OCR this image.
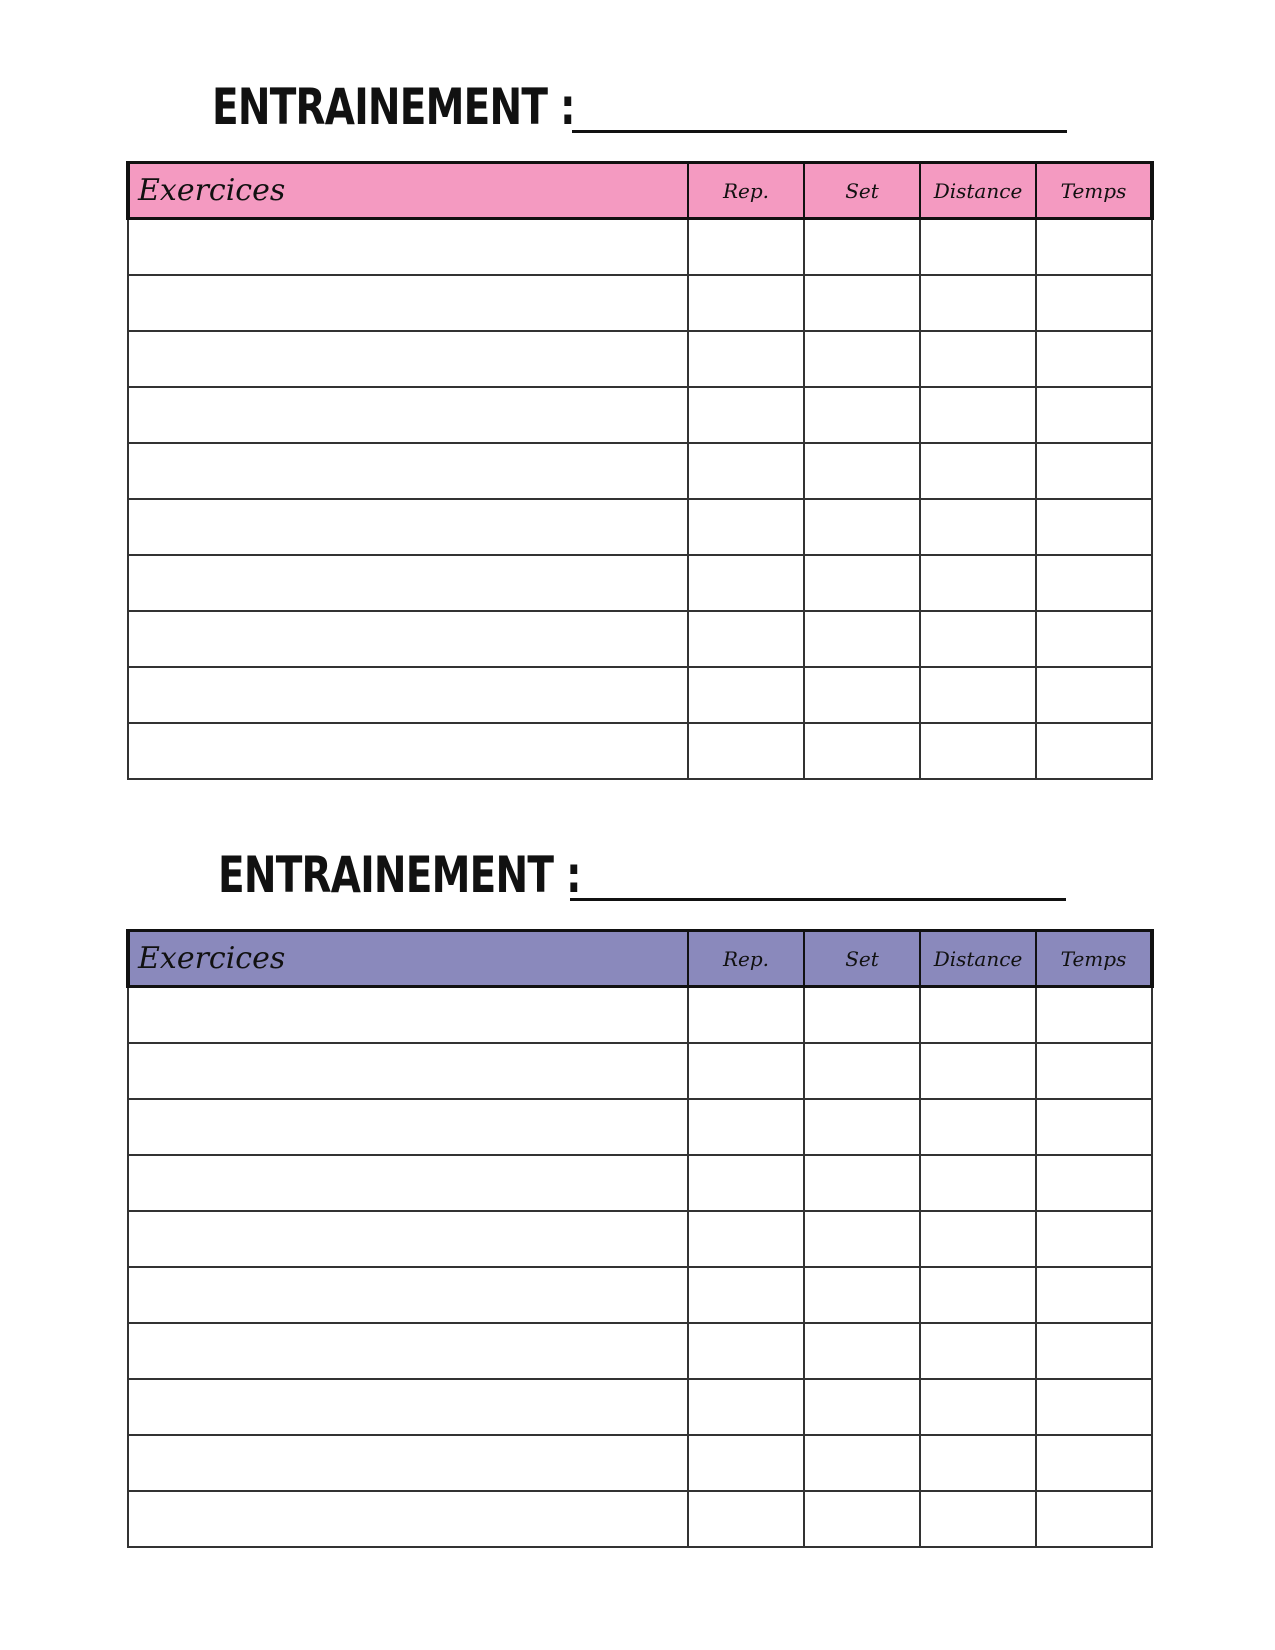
ENTRAINEMENT :
Exercices	Rep.	Set	Distance	Temps

ENTRAINEMENT :
Exercices	Rep.	Set	Distance	Temps
